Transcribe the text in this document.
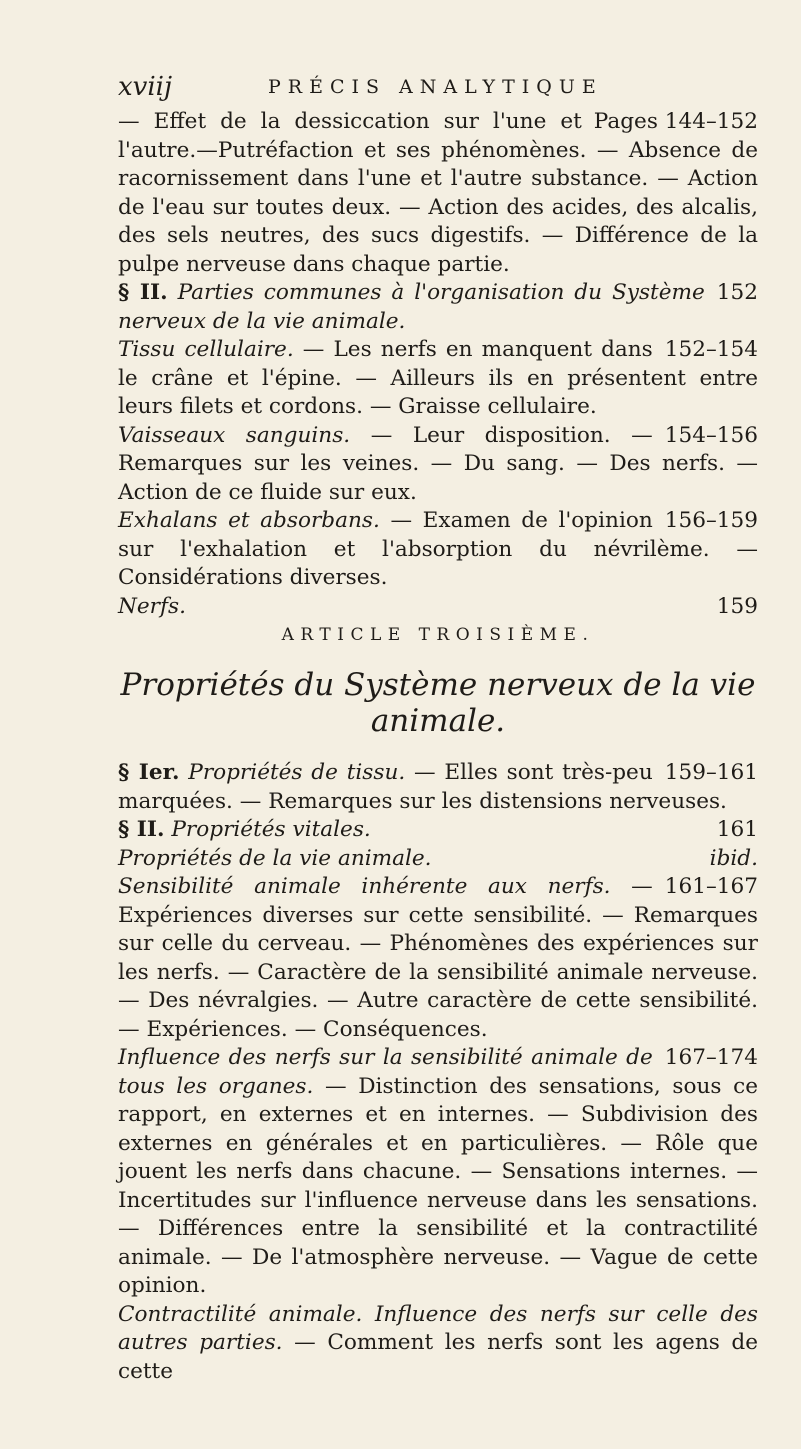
xviij	PRÉCIS ANALYTIQUE

Pages 144–152
— Effet de la dessiccation sur l'une et l'autre.—Putréfaction et ses phénomènes. — Absence de racornissement dans l'une et l'autre substance. — Action de l'eau sur toutes deux. — Action des acides, des alcalis, des sels neutres, des sucs digestifs. — Différence de la pulpe nerveuse dans chaque partie.

152
§ II. Parties communes à l'organisation du Système nerveux de la vie animale.

152–154
Tissu cellulaire. — Les nerfs en manquent dans le crâne et l'épine. — Ailleurs ils en présentent entre leurs filets et cordons. — Graisse cellulaire.

154–156
Vaisseaux sanguins. — Leur disposition. — Remarques sur les veines. — Du sang. — Des nerfs. — Action de ce fluide sur eux.

156–159
Exhalans et absorbans. — Examen de l'opinion sur l'exhalation et l'absorption du névrilème. — Considérations diverses.

159
Nerfs.

ARTICLE TROISIÈME.
Propriétés du Système nerveux de la vie animale.

159–161
§ Ier. Propriétés de tissu. — Elles sont très-peu marquées. — Remarques sur les distensions nerveuses.

161
§ II. Propriétés vitales.

ibid.
Propriétés de la vie animale.

161–167
Sensibilité animale inhérente aux nerfs. — Expériences diverses sur cette sensibilité. — Remarques sur celle du cerveau. — Phénomènes des expériences sur les nerfs. — Caractère de la sensibilité animale nerveuse. — Des névralgies. — Autre caractère de cette sensibilité. — Expériences. — Conséquences.

167–174
Influence des nerfs sur la sensibilité animale de tous les organes. — Distinction des sensations, sous ce rapport, en externes et en internes. — Subdivision des externes en générales et en particulières. — Rôle que jouent les nerfs dans chacune. — Sensations internes. — Incertitudes sur l'influence nerveuse dans les sensations. — Différences entre la sensibilité et la contractilité animale. — De l'atmosphère nerveuse. — Vague de cette opinion.

Contractilité animale. Influence des nerfs sur celle des autres parties. — Comment les nerfs sont les agens de cette
